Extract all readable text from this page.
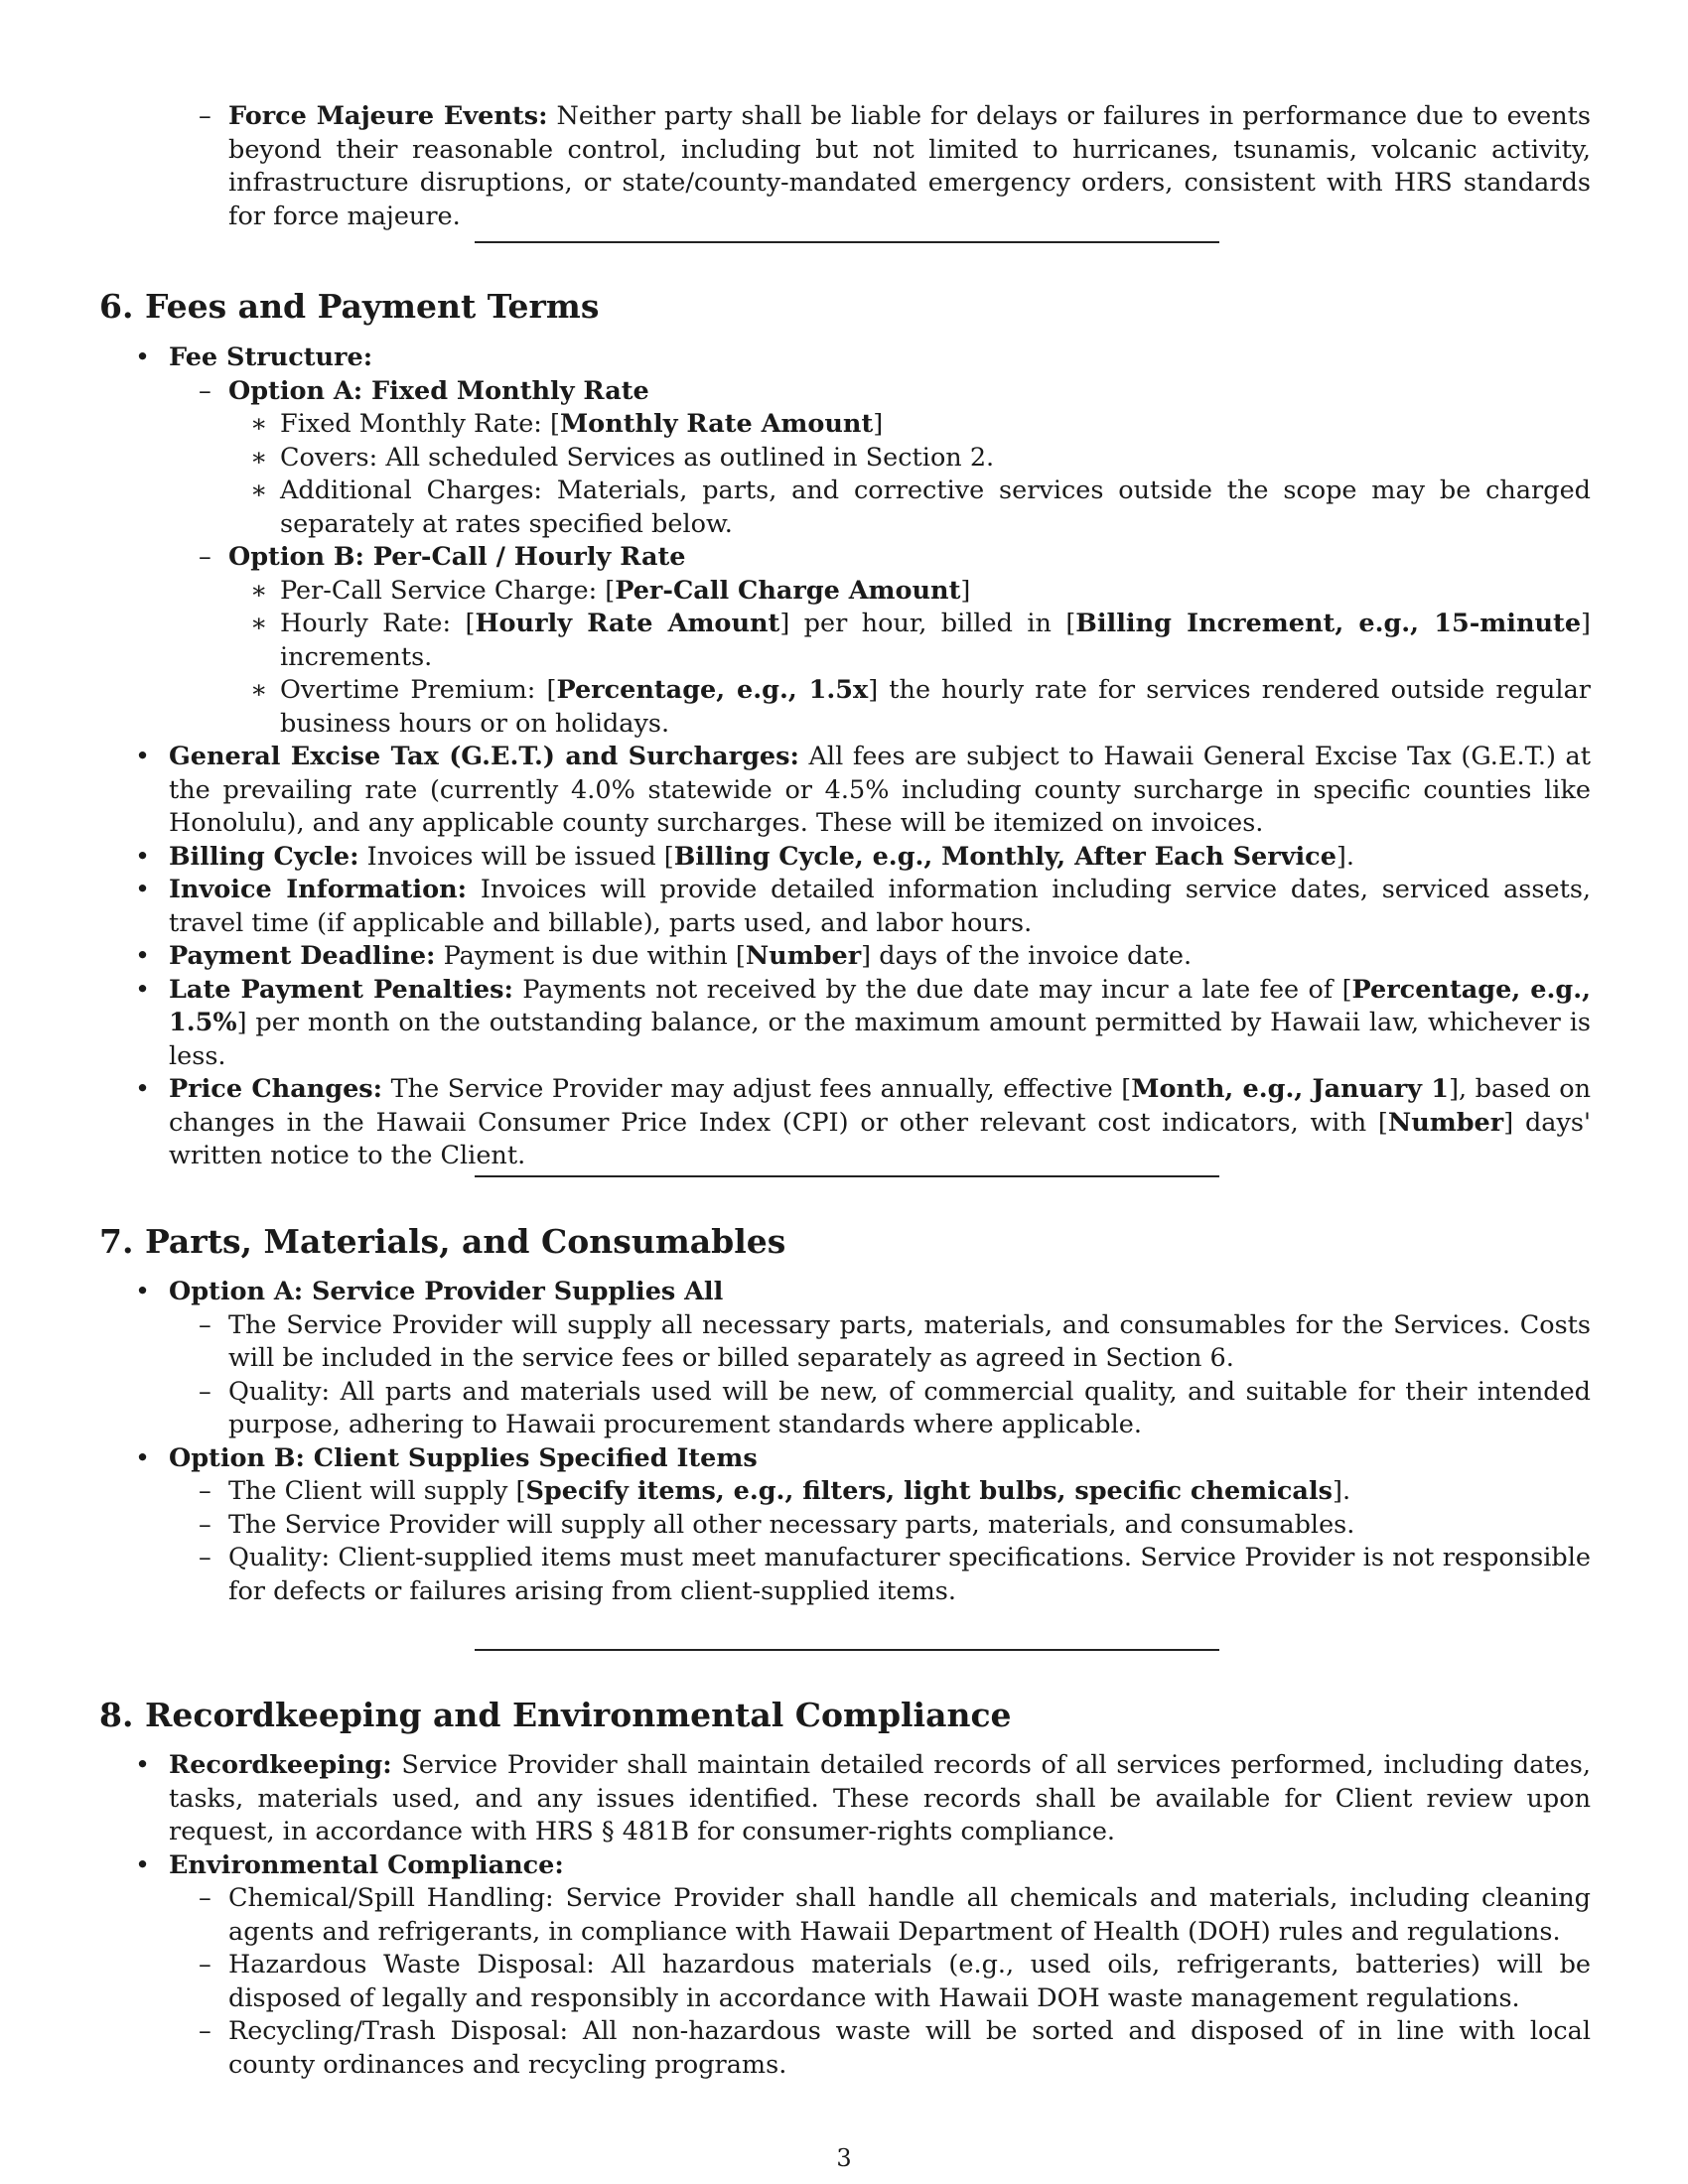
– Force Majeure Events: Neither party shall be liable for delays or failures in performance due to events beyond their reasonable control, including but not limited to hurricanes, tsunamis, volcanic activity, infrastructure disruptions, or state/county-mandated emergency orders, consistent with HRS standards for force majeure.
6. Fees and Payment Terms
• Fee Structure:
– Option A: Fixed Monthly Rate
∗ Fixed Monthly Rate: [Monthly Rate Amount]
∗ Covers: All scheduled Services as outlined in Section 2.
∗ Additional Charges: Materials, parts, and corrective services outside the scope may be charged separately at rates specified below.
– Option B: Per-Call / Hourly Rate
∗ Per-Call Service Charge: [Per-Call Charge Amount]
∗ Hourly Rate: [Hourly Rate Amount] per hour, billed in [Billing Increment, e.g., 15-minute] increments.
∗ Overtime Premium: [Percentage, e.g., 1.5x] the hourly rate for services rendered outside regular business hours or on holidays.
• General Excise Tax (G.E.T.) and Surcharges: All fees are subject to Hawaii General Excise Tax (G.E.T.) at the prevailing rate (currently 4.0% statewide or 4.5% including county surcharge in specific counties like Honolulu), and any applicable county surcharges. These will be itemized on invoices.
• Billing Cycle: Invoices will be issued [Billing Cycle, e.g., Monthly, After Each Service].
• Invoice Information: Invoices will provide detailed information including service dates, serviced assets, travel time (if applicable and billable), parts used, and labor hours.
• Payment Deadline: Payment is due within [Number] days of the invoice date.
• Late Payment Penalties: Payments not received by the due date may incur a late fee of [Percentage, e.g., 1.5%] per month on the outstanding balance, or the maximum amount permitted by Hawaii law, whichever is less.
• Price Changes: The Service Provider may adjust fees annually, effective [Month, e.g., January 1], based on changes in the Hawaii Consumer Price Index (CPI) or other relevant cost indicators, with [Number] days' written notice to the Client.
7. Parts, Materials, and Consumables
• Option A: Service Provider Supplies All
– The Service Provider will supply all necessary parts, materials, and consumables for the Services. Costs will be included in the service fees or billed separately as agreed in Section 6.
– Quality: All parts and materials used will be new, of commercial quality, and suitable for their intended purpose, adhering to Hawaii procurement standards where applicable.
• Option B: Client Supplies Specified Items
– The Client will supply [Specify items, e.g., filters, light bulbs, specific chemicals].
– The Service Provider will supply all other necessary parts, materials, and consumables.
– Quality: Client-supplied items must meet manufacturer specifications. Service Provider is not responsible for defects or failures arising from client-supplied items.
8. Recordkeeping and Environmental Compliance
• Recordkeeping: Service Provider shall maintain detailed records of all services performed, including dates, tasks, materials used, and any issues identified. These records shall be available for Client review upon request, in accordance with HRS § 481B for consumer-rights compliance.
• Environmental Compliance:
– Chemical/Spill Handling: Service Provider shall handle all chemicals and materials, including cleaning agents and refrigerants, in compliance with Hawaii Department of Health (DOH) rules and regulations.
– Hazardous Waste Disposal: All hazardous materials (e.g., used oils, refrigerants, batteries) will be disposed of legally and responsibly in accordance with Hawaii DOH waste management regulations.
– Recycling/Trash Disposal: All non-hazardous waste will be sorted and disposed of in line with local county ordinances and recycling programs.
3
